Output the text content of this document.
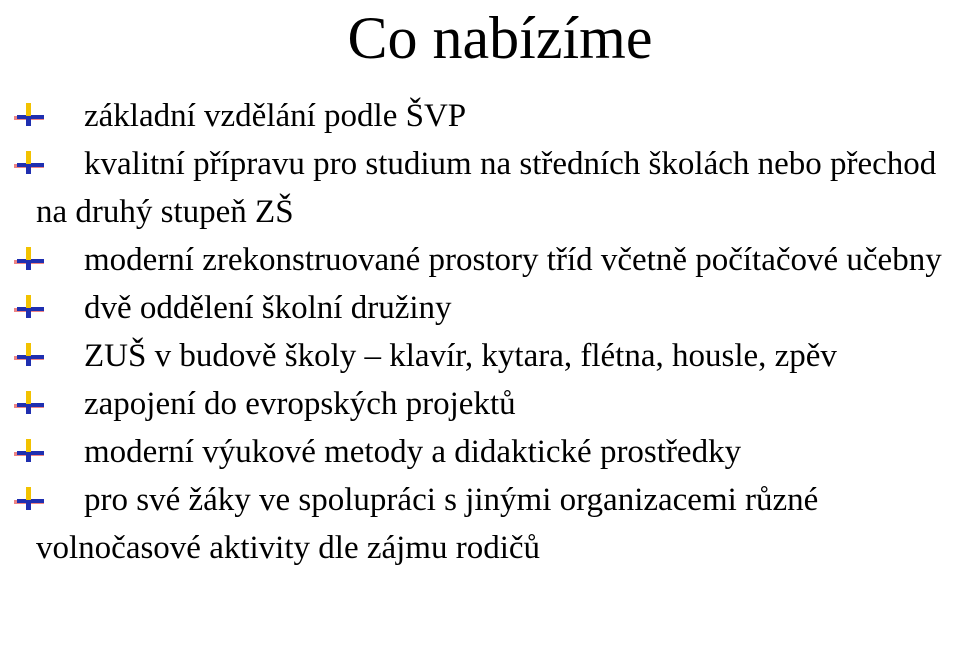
Co nabízíme
základní vzdělání podle ŠVP
kvalitní přípravu pro studium na středních školách nebo přechod na druhý stupeň ZŠ
moderní zrekonstruované prostory tříd včetně počítačové učebny
dvě oddělení školní družiny
ZUŠ v budově školy – klavír, kytara, flétna, housle, zpěv
zapojení do evropských projektů
moderní výukové metody a didaktické prostředky
pro své žáky ve spolupráci s jinými organizacemi různé volnočasové aktivity dle zájmu rodičů
